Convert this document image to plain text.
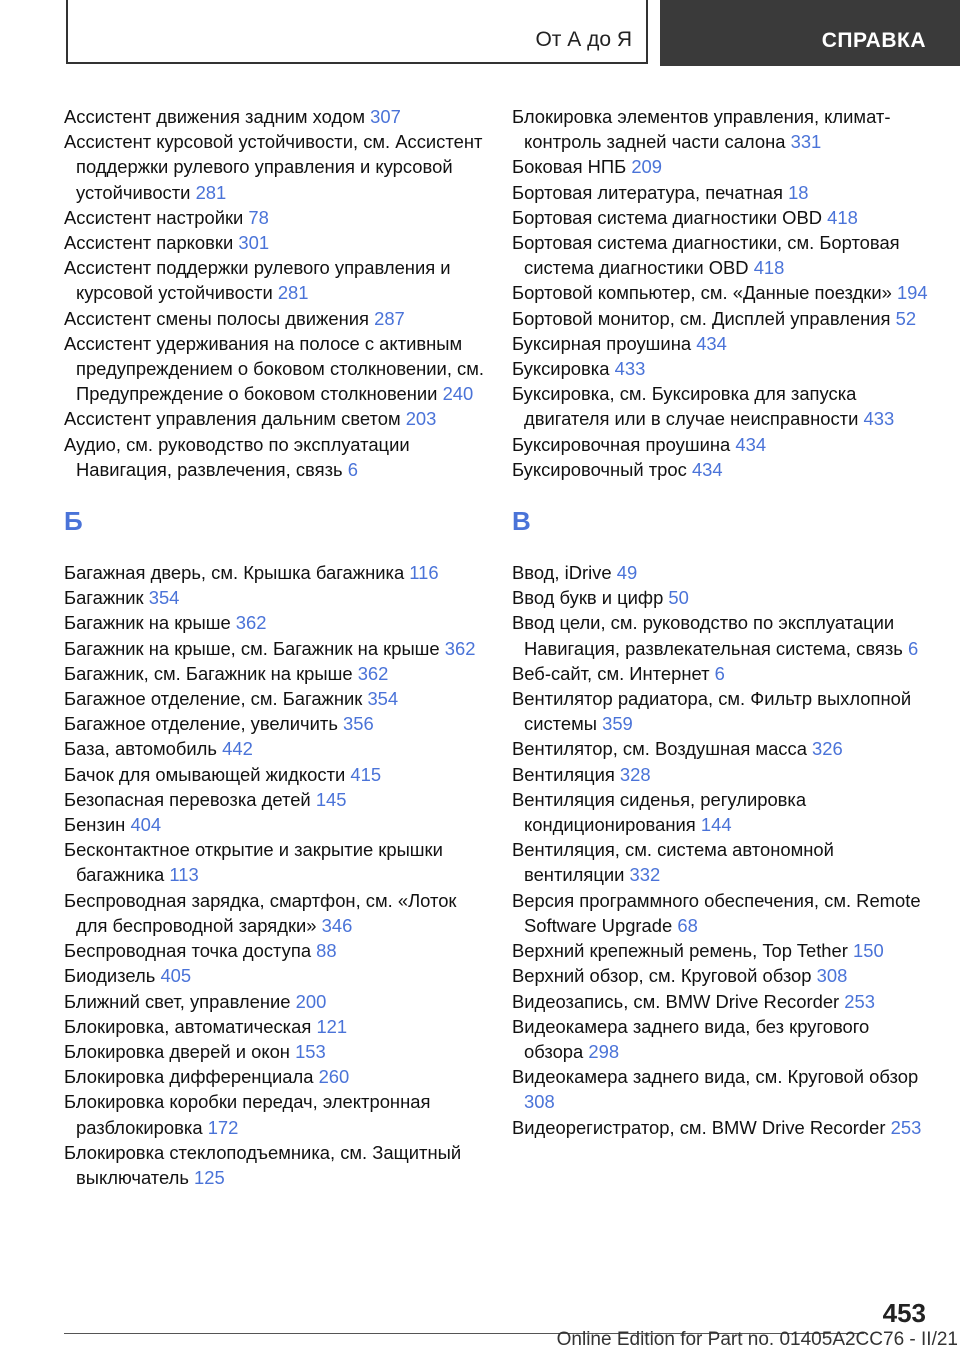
От А до Я	СПРАВКА

Ассистент движения задним ходом 307

Ассистент курсовой устойчивости, см. Ассистент поддержки рулевого управления и курсовой устойчивости 281

Ассистент настройки 78

Ассистент парковки 301

Ассистент поддержки рулевого управления и курсовой устойчивости 281

Ассистент смены полосы движения 287

Ассистент удерживания на полосе с активным предупреждением о боковом столкновении, см. Предупреждение о боковом столкновении 240

Ассистент управления дальним светом 203

Аудио, см. руководство по эксплуатации Навигация, развлечения, связь 6

Б

Багажная дверь, см. Крышка багажника 116

Багажник 354

Багажник на крыше 362

Багажник на крыше, см. Багажник на крыше 362

Багажник, см. Багажник на крыше 362

Багажное отделение, см. Багажник 354

Багажное отделение, увеличить 356

База, автомобиль 442

Бачок для омывающей жидкости 415

Безопасная перевозка детей 145

Бензин 404

Бесконтактное открытие и закрытие крышки багажника 113

Беспроводная зарядка, смартфон, см. «Лоток для беспроводной зарядки» 346

Беспроводная точка доступа 88

Биодизель 405

Ближний свет, управление 200

Блокировка, автоматическая 121

Блокировка дверей и окон 153

Блокировка дифференциала 260

Блокировка коробки передач, электронная разблокировка 172

Блокировка стеклоподъемника, см. Защитный выключатель 125

Блокировка элементов управления, климат-контроль задней части салона 331

Боковая НПБ 209

Бортовая литература, печатная 18

Бортовая система диагностики OBD 418

Бортовая система диагностики, см. Бортовая система диагностики OBD 418

Бортовой компьютер, см. «Данные поездки» 194

Бортовой монитор, см. Дисплей управления 52

Буксирная проушина 434

Буксировка 433

Буксировка, см. Буксировка для запуска двигателя или в случае неисправности 433

Буксировочная проушина 434

Буксировочный трос 434

В

Ввод, iDrive 49

Ввод букв и цифр 50

Ввод цели, см. руководство по эксплуатации Навигация, развлекательная система, связь 6

Веб-сайт, см. Интернет 6

Вентилятор радиатора, см. Фильтр выхлопной системы 359

Вентилятор, см. Воздушная масса 326

Вентиляция 328

Вентиляция сиденья, регулировка кондиционирования 144

Вентиляция, см. система автономной вентиляции 332

Версия программного обеспечения, см. Remote Software Upgrade 68

Верхний крепежный ремень, Top Tether 150

Верхний обзор, см. Круговой обзор 308

Видеозапись, см. BMW Drive Recorder 253

Видеокамера заднего вида, без кругового обзора 298

Видеокамера заднего вида, см. Круговой обзор 308

Видеорегистратор, см. BMW Drive Recorder 253

453
Online Edition for Part no. 01405A2CC76 - II/21
